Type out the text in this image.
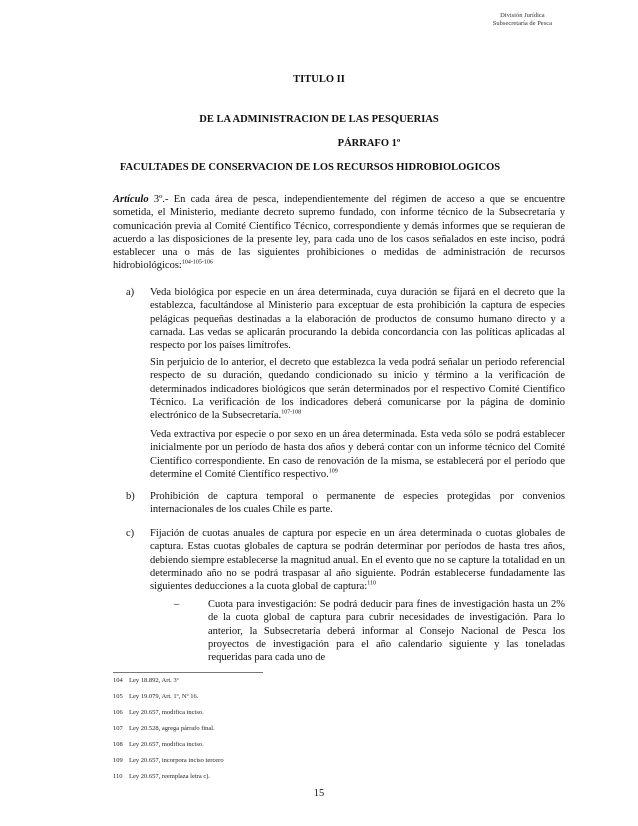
División Jurídica
Subsecretaría de Pesca
TITULO II
DE LA ADMINISTRACION DE LAS PESQUERIAS
PÁRRAFO 1º
FACULTADES DE CONSERVACION DE LOS RECURSOS HIDROBIOLOGICOS
Artículo 3º.- En cada área de pesca, independientemente del régimen de acceso a que se encuentre sometida, el Ministerio, mediante decreto supremo fundado, con informe técnico de la Subsecretaría y comunicación previa al Comité Científico Técnico, correspondiente y demás informes que se requieran de acuerdo a las disposiciones de la presente ley, para cada uno de los casos señalados en este inciso, podrá establecer una o más de las siguientes prohibiciones o medidas de administración de recursos hidrobiológicos:$^{104-105-106}$
a) Veda biológica por especie en un área determinada, cuya duración se fijará en el decreto que la establezca, facultándose al Ministerio para exceptuar de esta prohibición la captura de especies pelágicas pequeñas destinadas a la elaboración de productos de consumo humano directo y a carnada. Las vedas se aplicarán procurando la debida concordancia con las políticas aplicadas al respecto por los países limítrofes.
Sin perjuicio de lo anterior, el decreto que establezca la veda podrá señalar un periodo referencial respecto de su duración, quedando condicionado su inicio y término a la verificación de determinados indicadores biológicos que serán determinados por el respectivo Comité Científico Técnico. La verificación de los indicadores deberá comunicarse por la página de dominio electrónico de la Subsecretaría.$^{107-108}$
Veda extractiva por especie o por sexo en un área determinada. Esta veda sólo se podrá establecer inicialmente por un período de hasta dos años y deberá contar con un informe técnico del Comité Científico correspondiente. En caso de renovación de la misma, se establecerá por el período que determine el Comité Científico respectivo.$^{109}$
b) Prohibición de captura temporal o permanente de especies protegidas por convenios internacionales de los cuales Chile es parte.
c) Fijación de cuotas anuales de captura por especie en un área determinada o cuotas globales de captura. Estas cuotas globales de captura se podrán determinar por períodos de hasta tres años, debiendo siempre establecerse la magnitud anual. En el evento que no se capture la totalidad en un determinado año no se podrá traspasar al año siguiente. Podrán establecerse fundadamente las siguientes deducciones a la cuota global de captura:$^{110}$
–	Cuota para investigación: Se podrá deducir para fines de investigación hasta un 2% de la cuota global de captura para cubrir necesidades de investigación. Para lo anterior, la Subsecretaría deberá informar al Consejo Nacional de Pesca los proyectos de investigación para el año calendario siguiente y las toneladas requeridas para cada uno de
104 Ley 18.892, Art. 3º
105 Ley 19.079, Art. 1º, Nº 16.
106 Ley 20.657, modifica inciso.
107 Ley 20.528, agrega párrafo final.
108 Ley 20.657, modifica inciso.
109 Ley 20.657, incorpora inciso tercero
110 Ley 20.657, reemplaza letra c).
15
